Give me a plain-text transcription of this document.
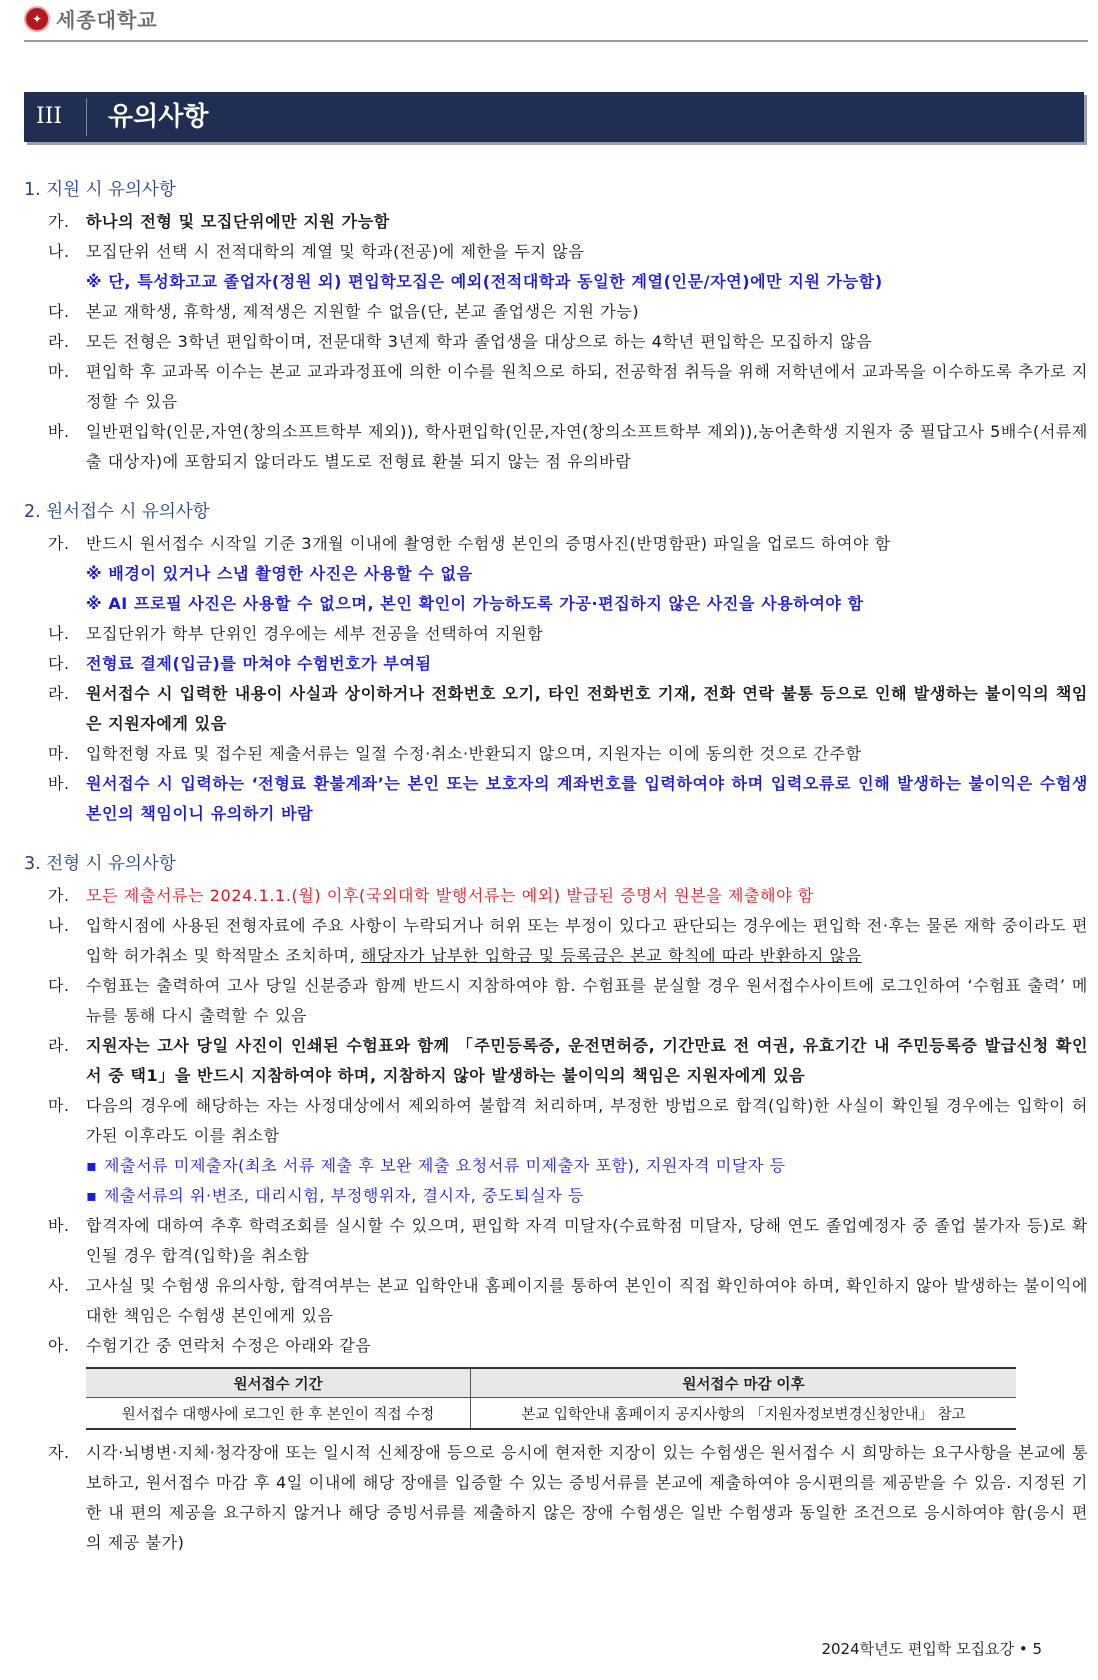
✦ 세종대학교
III	유의사항
1. 지원 시 유의사항
가.	하나의 전형 및 모집단위에만 지원 가능함
나.	모집단위 선택 시 전적대학의 계열 및 학과(전공)에 제한을 두지 않음
※ 단, 특성화고교 졸업자(정원 외) 편입학모집은 예외(전적대학과 동일한 계열(인문/자연)에만 지원 가능함)
다.	본교 재학생, 휴학생, 제적생은 지원할 수 없음(단, 본교 졸업생은 지원 가능)
라.	모든 전형은 3학년 편입학이며, 전문대학 3년제 학과 졸업생을 대상으로 하는 4학년 편입학은 모집하지 않음
마.	편입학 후 교과목 이수는 본교 교과과정표에 의한 이수를 원칙으로 하되, 전공학점 취득을 위해 저학년에서 교과목을 이수하도록 추가로 지정할 수 있음
바.	일반편입학(인문,자연(창의소프트학부 제외)), 학사편입학(인문,자연(창의소프트학부 제외)),농어촌학생 지원자 중 필답고사 5배수(서류제출 대상자)에 포함되지 않더라도 별도로 전형료 환불 되지 않는 점 유의바람
2. 원서접수 시 유의사항
가.	반드시 원서접수 시작일 기준 3개월 이내에 촬영한 수험생 본인의 증명사진(반명함판) 파일을 업로드 하여야 함
※ 배경이 있거나 스냅 촬영한 사진은 사용할 수 없음
※ AI 프로필 사진은 사용할 수 없으며, 본인 확인이 가능하도록 가공·편집하지 않은 사진을 사용하여야 함
나.	모집단위가 학부 단위인 경우에는 세부 전공을 선택하여 지원함
다.	전형료 결제(입금)를 마쳐야 수험번호가 부여됨
라.	원서접수 시 입력한 내용이 사실과 상이하거나 전화번호 오기, 타인 전화번호 기재, 전화 연락 불통 등으로 인해 발생하는 불이익의 책임은 지원자에게 있음
마.	입학전형 자료 및 접수된 제출서류는 일절 수정·취소·반환되지 않으며, 지원자는 이에 동의한 것으로 간주함
바.	원서접수 시 입력하는 ‘전형료 환불계좌’는 본인 또는 보호자의 계좌번호를 입력하여야 하며 입력오류로 인해 발생하는 불이익은 수험생 본인의 책임이니 유의하기 바람
3. 전형 시 유의사항
가.	모든 제출서류는 2024.1.1.(월) 이후(국외대학 발행서류는 예외) 발급된 증명서 원본을 제출해야 함
나.	입학시점에 사용된 전형자료에 주요 사항이 누락되거나 허위 또는 부정이 있다고 판단되는 경우에는 편입학 전·후는 물론 재학 중이라도 편입학 허가취소 및 학적말소 조치하며, 해당자가 납부한 입학금 및 등록금은 본교 학칙에 따라 반환하지 않음
다.	수험표는 출력하여 고사 당일 신분증과 함께 반드시 지참하여야 함. 수험표를 분실할 경우 원서접수사이트에 로그인하여 ‘수험표 출력’ 메뉴를 통해 다시 출력할 수 있음
라.	지원자는 고사 당일 사진이 인쇄된 수험표와 함께 「주민등록증, 운전면허증, 기간만료 전 여권, 유효기간 내 주민등록증 발급신청 확인서 중 택1」을 반드시 지참하여야 하며, 지참하지 않아 발생하는 불이익의 책임은 지원자에게 있음
마.	다음의 경우에 해당하는 자는 사정대상에서 제외하여 불합격 처리하며, 부정한 방법으로 합격(입학)한 사실이 확인될 경우에는 입학이 허가된 이후라도 이를 취소함
▪ 제출서류 미제출자(최초 서류 제출 후 보완 제출 요청서류 미제출자 포함), 지원자격 미달자 등
▪ 제출서류의 위·변조, 대리시험, 부정행위자, 결시자, 중도퇴실자 등
바.	합격자에 대하여 추후 학력조회를 실시할 수 있으며, 편입학 자격 미달자(수료학점 미달자, 당해 연도 졸업예정자 중 졸업 불가자 등)로 확인될 경우 합격(입학)을 취소함
사.	고사실 및 수험생 유의사항, 합격여부는 본교 입학안내 홈페이지를 통하여 본인이 직접 확인하여야 하며, 확인하지 않아 발생하는 불이익에 대한 책임은 수험생 본인에게 있음
아.	수험기간 중 연락처 수정은 아래와 같음
원서접수 기간	원서접수 마감 이후
원서접수 대행사에 로그인 한 후 본인이 직접 수정	본교 입학안내 홈페이지 공지사항의 「지원자정보변경신청안내」 참고
자.	시각·뇌병변·지체·청각장애 또는 일시적 신체장애 등으로 응시에 현저한 지장이 있는 수험생은 원서접수 시 희망하는 요구사항을 본교에 통보하고, 원서접수 마감 후 4일 이내에 해당 장애를 입증할 수 있는 증빙서류를 본교에 제출하여야 응시편의를 제공받을 수 있음. 지정된 기한 내 편의 제공을 요구하지 않거나 해당 증빙서류를 제출하지 않은 장애 수험생은 일반 수험생과 동일한 조건으로 응시하여야 함(응시 편의 제공 불가)
2024학년도 편입학 모집요강 • 5
